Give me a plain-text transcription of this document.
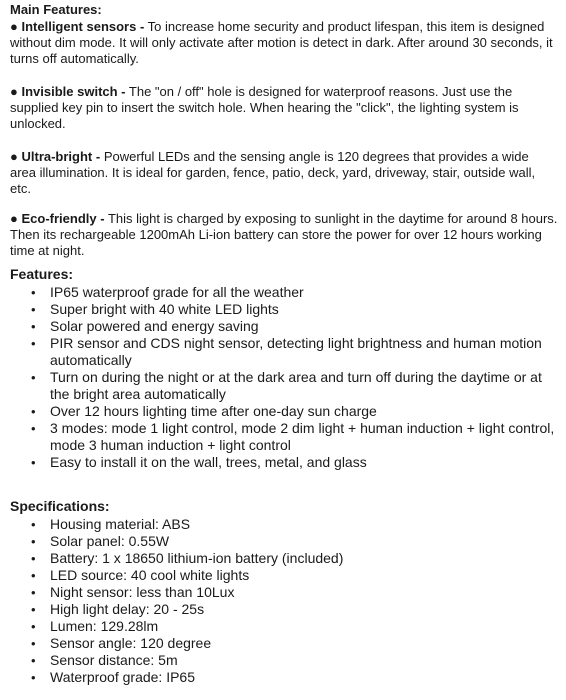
Main Features:
● Intelligent sensors - To increase home security and product lifespan, this item is designed without dim mode. It will only activate after motion is detect in dark. After around 30 seconds, it turns off automatically.
● Invisible switch - The "on / off" hole is designed for waterproof reasons. Just use the supplied key pin to insert the switch hole. When hearing the "click", the lighting system is unlocked.
● Ultra-bright - Powerful LEDs and the sensing angle is 120 degrees that provides a wide area illumination. It is ideal for garden, fence, patio, deck, yard, driveway, stair, outside wall, etc.
● Eco-friendly - This light is charged by exposing to sunlight in the daytime for around 8 hours. Then its rechargeable 1200mAh Li-ion battery can store the power for over 12 hours working time at night.
Features:
• IP65 waterproof grade for all the weather
• Super bright with 40 white LED lights
• Solar powered and energy saving
• PIR sensor and CDS night sensor, detecting light brightness and human motion automatically
• Turn on during the night or at the dark area and turn off during the daytime or at the bright area automatically
• Over 12 hours lighting time after one-day sun charge
• 3 modes: mode 1 light control, mode 2 dim light + human induction + light control, mode 3 human induction + light control
• Easy to install it on the wall, trees, metal, and glass
Specifications:
• Housing material: ABS
• Solar panel: 0.55W
• Battery: 1 x 18650 lithium-ion battery (included)
• LED source: 40 cool white lights
• Night sensor: less than 10Lux
• High light delay: 20 - 25s
• Lumen: 129.28lm
• Sensor angle: 120 degree
• Sensor distance: 5m
• Waterproof grade: IP65
